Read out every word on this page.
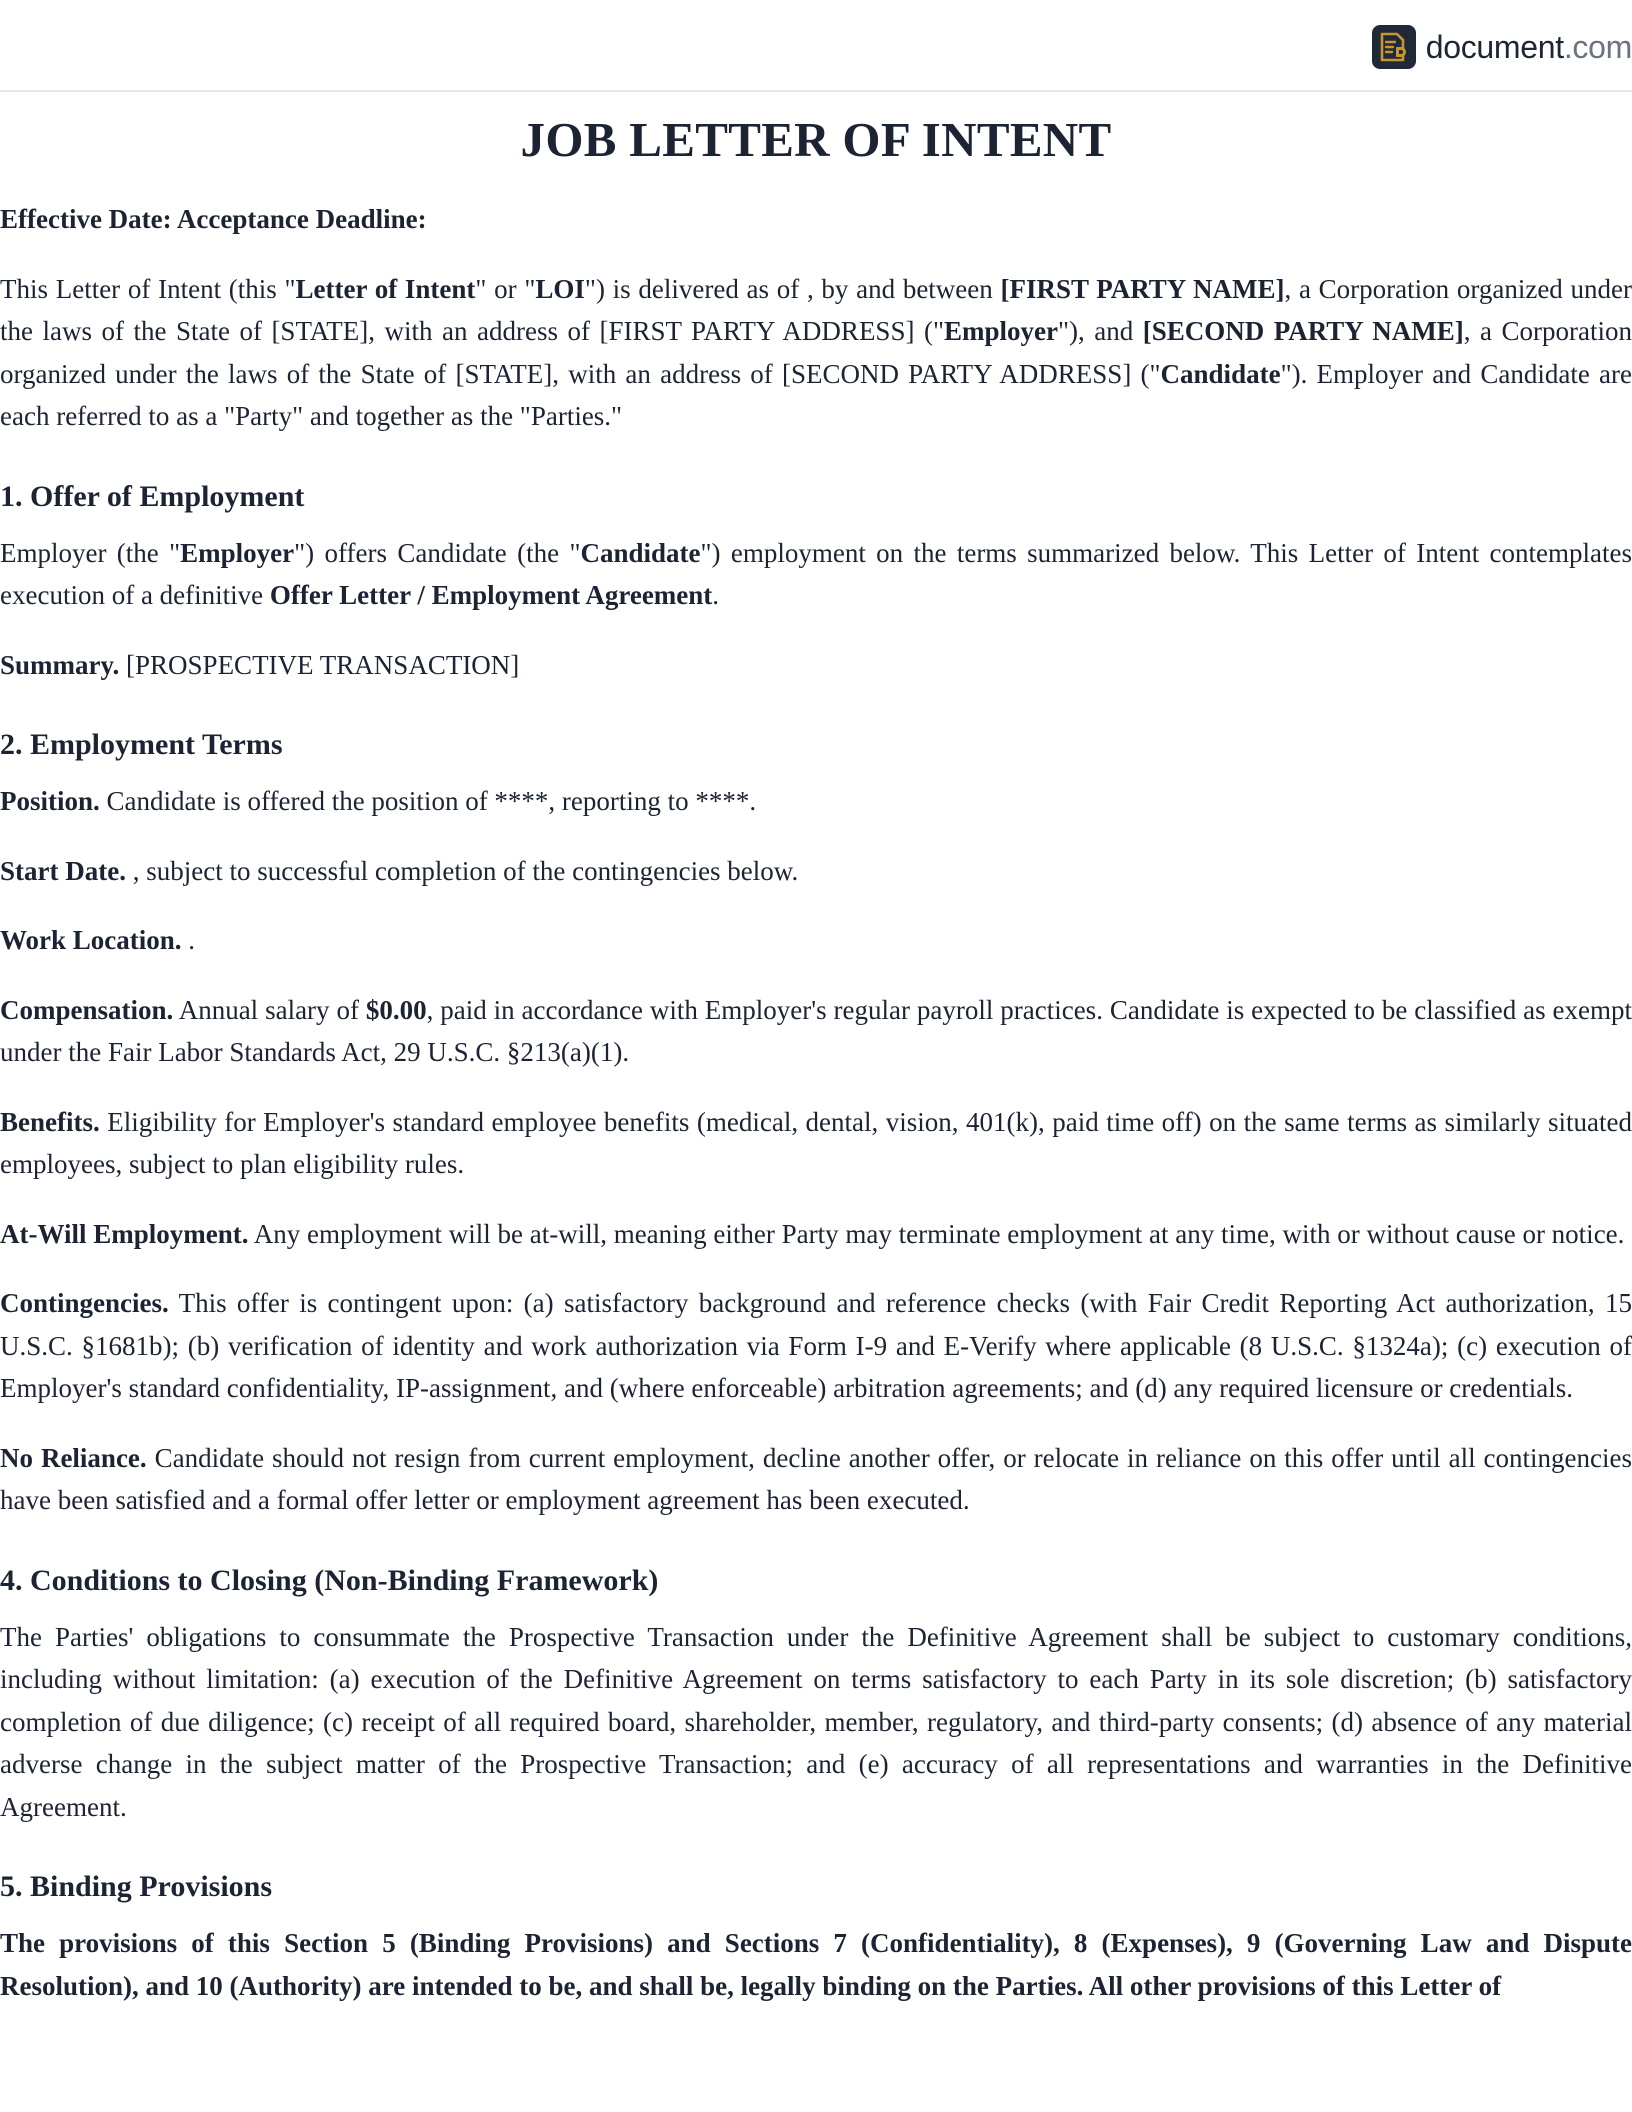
document.com
JOB LETTER OF INTENT

Effective Date: Acceptance Deadline:

This Letter of Intent (this "Letter of Intent" or "LOI") is delivered as of , by and between [FIRST PARTY NAME], a Corporation organized under the laws of the State of [STATE], with an address of [FIRST PARTY ADDRESS] ("Employer"), and [SECOND PARTY NAME], a Corporation organized under the laws of the State of [STATE], with an address of [SECOND PARTY ADDRESS] ("Candidate"). Employer and Candidate are each referred to as a "Party" and together as the "Parties."

1. Offer of Employment

Employer (the "Employer") offers Candidate (the "Candidate") employment on the terms summarized below. This Letter of Intent contemplates execution of a definitive Offer Letter / Employment Agreement.

Summary. [PROSPECTIVE TRANSACTION]

2. Employment Terms

Position. Candidate is offered the position of ****, reporting to ****.

Start Date. , subject to successful completion of the contingencies below.

Work Location. .

Compensation. Annual salary of $0.00, paid in accordance with Employer's regular payroll practices. Candidate is expected to be classified as exempt under the Fair Labor Standards Act, 29 U.S.C. §213(a)(1).

Benefits. Eligibility for Employer's standard employee benefits (medical, dental, vision, 401(k), paid time off) on the same terms as similarly situated employees, subject to plan eligibility rules.

At-Will Employment. Any employment will be at-will, meaning either Party may terminate employment at any time, with or without cause or notice.

Contingencies. This offer is contingent upon: (a) satisfactory background and reference checks (with Fair Credit Reporting Act authorization, 15 U.S.C. §1681b); (b) verification of identity and work authorization via Form I-9 and E-Verify where applicable (8 U.S.C. §1324a); (c) execution of Employer's standard confidentiality, IP-assignment, and (where enforceable) arbitration agreements; and (d) any required licensure or credentials.

No Reliance. Candidate should not resign from current employment, decline another offer, or relocate in reliance on this offer until all contingencies have been satisfied and a formal offer letter or employment agreement has been executed.

4. Conditions to Closing (Non-Binding Framework)

The Parties' obligations to consummate the Prospective Transaction under the Definitive Agreement shall be subject to customary conditions, including without limitation: (a) execution of the Definitive Agreement on terms satisfactory to each Party in its sole discretion; (b) satisfactory completion of due diligence; (c) receipt of all required board, shareholder, member, regulatory, and third-party consents; (d) absence of any material adverse change in the subject matter of the Prospective Transaction; and (e) accuracy of all representations and warranties in the Definitive Agreement.

5. Binding Provisions

The provisions of this Section 5 (Binding Provisions) and Sections 7 (Confidentiality), 8 (Expenses), 9 (Governing Law and Dispute Resolution), and 10 (Authority) are intended to be, and shall be, legally binding on the Parties. All other provisions of this Letter of
